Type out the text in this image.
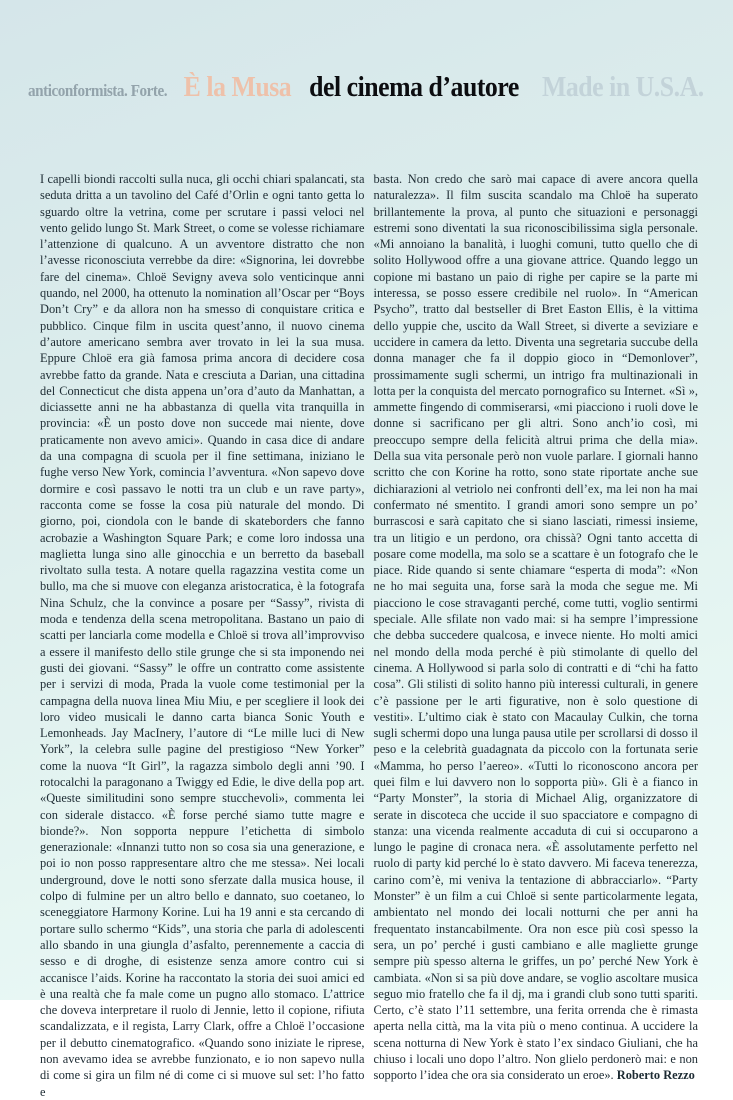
anticonformista. Forte. È la Musa del cinema d’autore Made in U.S.A.
I capelli biondi raccolti sulla nuca, gli occhi chiari spalancati, sta seduta dritta a un tavolino del Café d’Orlin e ogni tanto getta lo sguardo oltre la vetrina, come per scrutare i passi veloci nel vento gelido lungo St. Mark Street, o come se volesse richiamare l’attenzione di qualcuno. A un avventore distratto che non l’avesse riconosciuta verrebbe da dire: «Signorina, lei dovrebbe fare del cinema». Chloë Sevigny aveva solo venticinque anni quando, nel 2000, ha ottenuto la nomination all’Oscar per “Boys Don’t Cry” e da allora non ha smesso di conquistare critica e pubblico. Cinque film in uscita quest’anno, il nuovo cinema d’autore americano sembra aver trovato in lei la sua musa. Eppure Chloë era già famosa prima ancora di decidere cosa avrebbe fatto da grande. Nata e cresciuta a Darian, una cittadina del Connecticut che dista appena un’ora d’auto da Manhattan, a diciassette anni ne ha abbastanza di quella vita tranquilla in provincia: «È un posto dove non succede mai niente, dove praticamente non avevo amici». Quando in casa dice di andare da una compagna di scuola per il fine settimana, iniziano le fughe verso New York, comincia l’avventura. «Non sapevo dove dormire e così passavo le notti tra un club e un rave party», racconta come se fosse la cosa più naturale del mondo. Di giorno, poi, ciondola con le bande di skateborders che fanno acrobazie a Washington Square Park; e come loro indossa una maglietta lunga sino alle ginocchia e un berretto da baseball rivoltato sulla testa. A notare quella ragazzina vestita come un bullo, ma che si muove con eleganza aristocratica, è la fotografa Nina Schulz, che la convince a posare per “Sassy”, rivista di moda e tendenza della scena metropolitana. Bastano un paio di scatti per lanciarla come modella e Chloë si trova all’improvviso a essere il manifesto dello stile grunge che si sta imponendo nei gusti dei giovani. “Sassy” le offre un contratto come assistente per i servizi di moda, Prada la vuole come testimonial per la campagna della nuova linea Miu Miu, e per scegliere il look dei loro video musicali le danno carta bianca Sonic Youth e Lemonheads. Jay MacInery, l’autore di “Le mille luci di New York”, la celebra sulle pagine del prestigioso “New Yorker” come la nuova “It Girl”, la ragazza simbolo degli anni ’90. I rotocalchi la paragonano a Twiggy ed Edie, le dive della pop art. «Queste similitudini sono sempre stucchevoli», commenta lei con siderale distacco. «È forse perché siamo tutte magre e bionde?». Non sopporta neppure l’etichetta di simbolo generazionale: «Innanzi tutto non so cosa sia una generazione, e poi io non posso rappresentare altro che me stessa». Nei locali underground, dove le notti sono sferzate dalla musica house, il colpo di fulmine per un altro bello e dannato, suo coetaneo, lo sceneggiatore Harmony Korine. Lui ha 19 anni e sta cercando di portare sullo schermo “Kids”, una storia che parla di adolescenti allo sbando in una giungla d’asfalto, perennemente a caccia di sesso e di droghe, di esistenze senza amore contro cui si accanisce l’aids. Korine ha raccontato la storia dei suoi amici ed è una realtà che fa male come un pugno allo stomaco. L’attrice che doveva interpretare il ruolo di Jennie, letto il copione, rifiuta scandalizzata, e il regista, Larry Clark, offre a Chloë l’occasione per il debutto cinematografico. «Quando sono iniziate le riprese, non avevamo idea se avrebbe funzionato, e io non sapevo nulla di come si gira un film né di come ci si muove sul set: l’ho fatto e
basta. Non credo che sarò mai capace di avere ancora quella naturalezza». Il film suscita scandalo ma Chloë ha superato brillantemente la prova, al punto che situazioni e personaggi estremi sono diventati la sua riconoscibilissima sigla personale. «Mi annoiano la banalità, i luoghi comuni, tutto quello che di solito Hollywood offre a una giovane attrice. Quando leggo un copione mi bastano un paio di righe per capire se la parte mi interessa, se posso essere credibile nel ruolo». In “American Psycho”, tratto dal bestseller di Bret Easton Ellis, è la vittima dello yuppie che, uscito da Wall Street, si diverte a seviziare e uccidere in camera da letto. Diventa una segretaria succube della donna manager che fa il doppio gioco in “Demonlover”, prossimamente sugli schermi, un intrigo fra multinazionali in lotta per la conquista del mercato pornografico su Internet. «Sì », ammette fingendo di commiserarsi, «mi piacciono i ruoli dove le donne si sacrificano per gli altri. Sono anch’io così, mi preoccupo sempre della felicità altrui prima che della mia». Della sua vita personale però non vuole parlare. I giornali hanno scritto che con Korine ha rotto, sono state riportate anche sue dichiarazioni al vetriolo nei confronti dell’ex, ma lei non ha mai confermato né smentito. I grandi amori sono sempre un po’ burrascosi e sarà capitato che si siano lasciati, rimessi insieme, tra un litigio e un perdono, ora chissà? Ogni tanto accetta di posare come modella, ma solo se a scattare è un fotografo che le piace. Ride quando si sente chiamare “esperta di moda”: «Non ne ho mai seguita una, forse sarà la moda che segue me. Mi piacciono le cose stravaganti perché, come tutti, voglio sentirmi speciale. Alle sfilate non vado mai: si ha sempre l’impressione che debba succedere qualcosa, e invece niente. Ho molti amici nel mondo della moda perché è più stimolante di quello del cinema. A Hollywood si parla solo di contratti e di “chi ha fatto cosa”. Gli stilisti di solito hanno più interessi culturali, in genere c’è passione per le arti figurative, non è solo questione di vestiti». L’ultimo ciak è stato con Macaulay Culkin, che torna sugli schermi dopo una lunga pausa utile per scrollarsi di dosso il peso e la celebrità guadagnata da piccolo con la fortunata serie «Mamma, ho perso l’aereo». «Tutti lo riconoscono ancora per quei film e lui davvero non lo sopporta più». Gli è a fianco in “Party Monster”, la storia di Michael Alig, organizzatore di serate in discoteca che uccide il suo spacciatore e compagno di stanza: una vicenda realmente accaduta di cui si occuparono a lungo le pagine di cronaca nera. «È assolutamente perfetto nel ruolo di party kid perché lo è stato davvero. Mi faceva tenerezza, carino com’è, mi veniva la tentazione di abbracciarlo». “Party Monster” è un film a cui Chloë si sente particolarmente legata, ambientato nel mondo dei locali notturni che per anni ha frequentato instancabilmente. Ora non esce più così spesso la sera, un po’ perché i gusti cambiano e alle magliette grunge sempre più spesso alterna le griffes, un po’ perché New York è cambiata. «Non si sa più dove andare, se voglio ascoltare musica seguo mio fratello che fa il dj, ma i grandi club sono tutti spariti. Certo, c’è stato l’11 settembre, una ferita orrenda che è rimasta aperta nella città, ma la vita più o meno continua. A uccidere la scena notturna di New York è stato l’ex sindaco Giuliani, che ha chiuso i locali uno dopo l’altro. Non glielo perdonerò mai: e non sopporto l’idea che ora sia considerato un eroe». Roberto Rezzo
